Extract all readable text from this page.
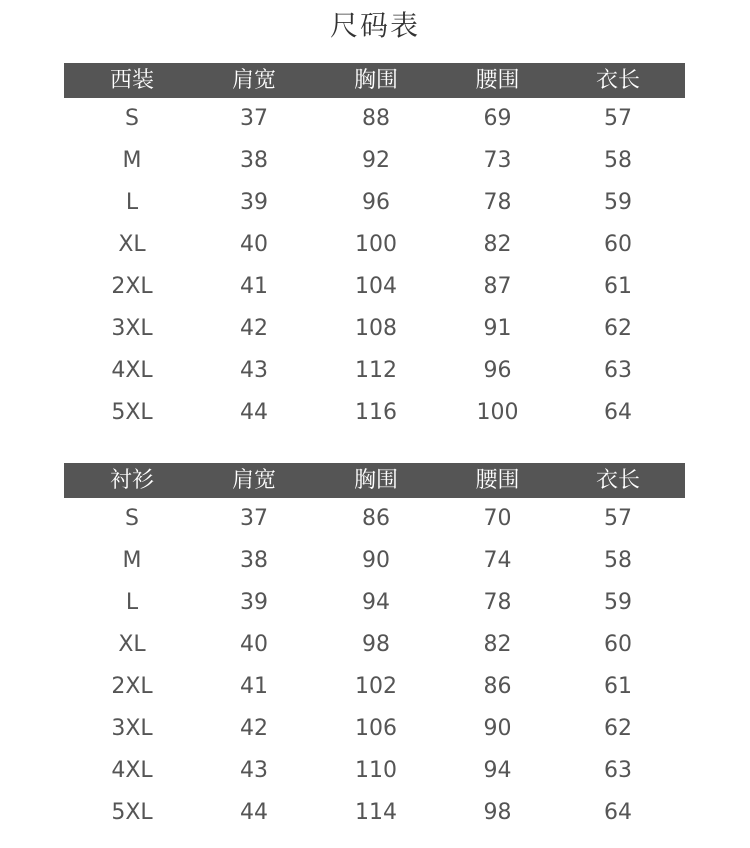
尺码表
西装	肩宽	胸围	腰围	衣长
S	37	88	69	57
M	38	92	73	58
L	39	96	78	59
XL	40	100	82	60
2XL	41	104	87	61
3XL	42	108	91	62
4XL	43	112	96	63
5XL	44	116	100	64
衬衫	肩宽	胸围	腰围	衣长
S	37	86	70	57
M	38	90	74	58
L	39	94	78	59
XL	40	98	82	60
2XL	41	102	86	61
3XL	42	106	90	62
4XL	43	110	94	63
5XL	44	114	98	64
